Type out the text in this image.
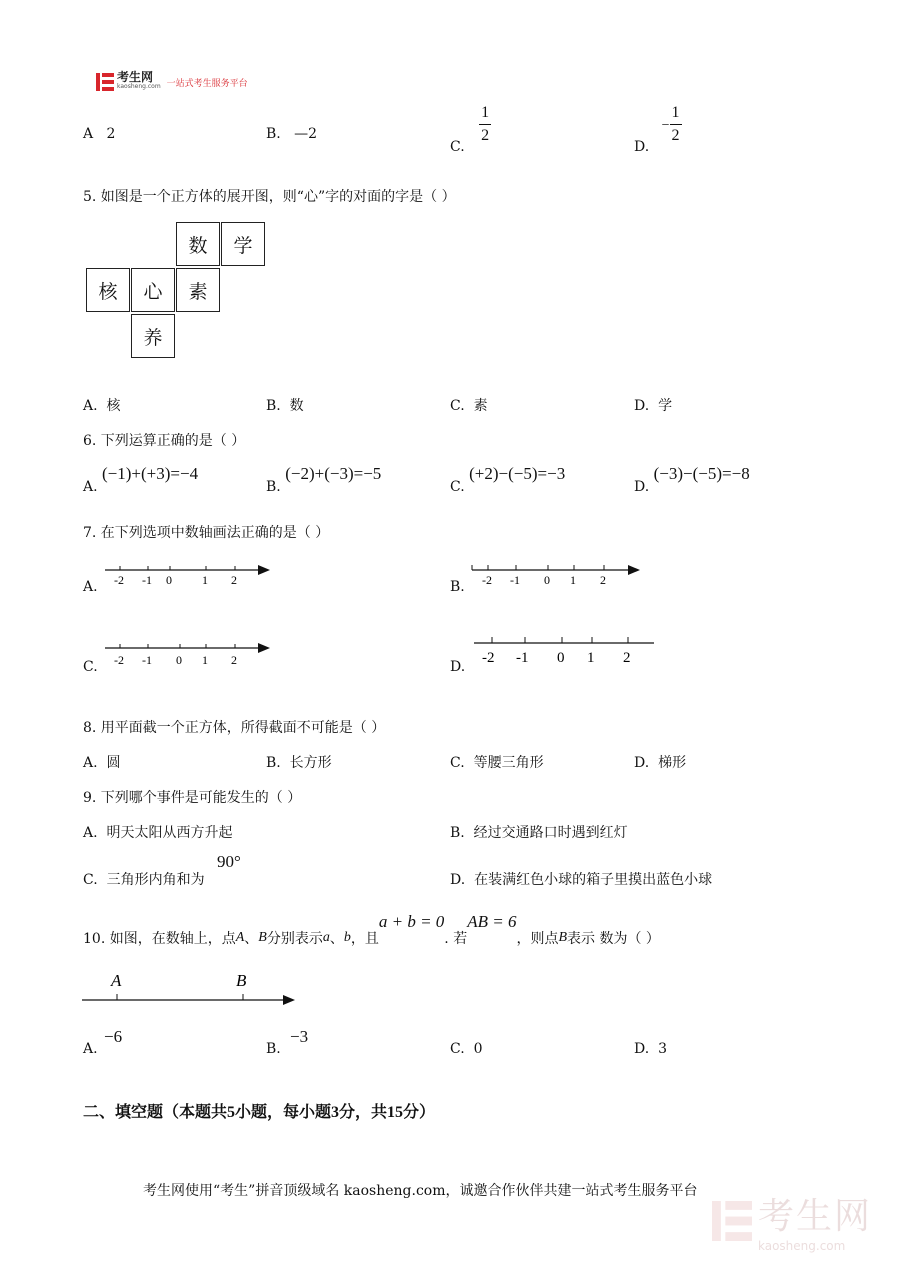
考生网
kaosheng.com 一站式考生服务平台
A 2	B. —2
C.
$\frac{1}{2}$
D. − $\frac{1}{2}$
5. 如图是一个正方体的展开图，则“心”字的对面的字是（ ）
数	学
核	心	素
养
A. 核	B. 数	C. 素	D. 学
6. 下列运算正确的是（ ）
A. (−1)+(+3)=−4
B. (−2)+(−3)=−5
C. (+2)−(−5)=−3
D. (−3)−(−5)=−8
7. 在下列选项中数轴画法正确的是（ ）
A. -2 -1 0	1 2	B. -2 -1 0 1 2
C. -2 -1 0 1 2	D.
-2 -1 0 1 2
8. 用平面截一个正方体，所得截面不可能是（ ）
A. 圆	B. 长方形	C. 等腰三角形	D. 梯形
9. 下列哪个事件是可能发生的（ ）
A. 明天太阳从西方升起	B. 经过交通路口时遇到红灯
C. 三角形内角和为
90°
D. 在装满红色小球的箱子里摸出蓝色小球
10. 如图，在数轴上，点A、B分别表示a、b，且a + b = 0. 若AB = 6，则点B表示 数为（ ）
A	B
A.
−6
B.
−3
C. 0	D. 3
二、填空题（本题共5小题，每小题3分，共15分）
考生网使用“考生”拼音顶级域名 kaosheng.com，诚邀合作伙伴共建一站式考生服务平台
考生网
kaosheng.com
